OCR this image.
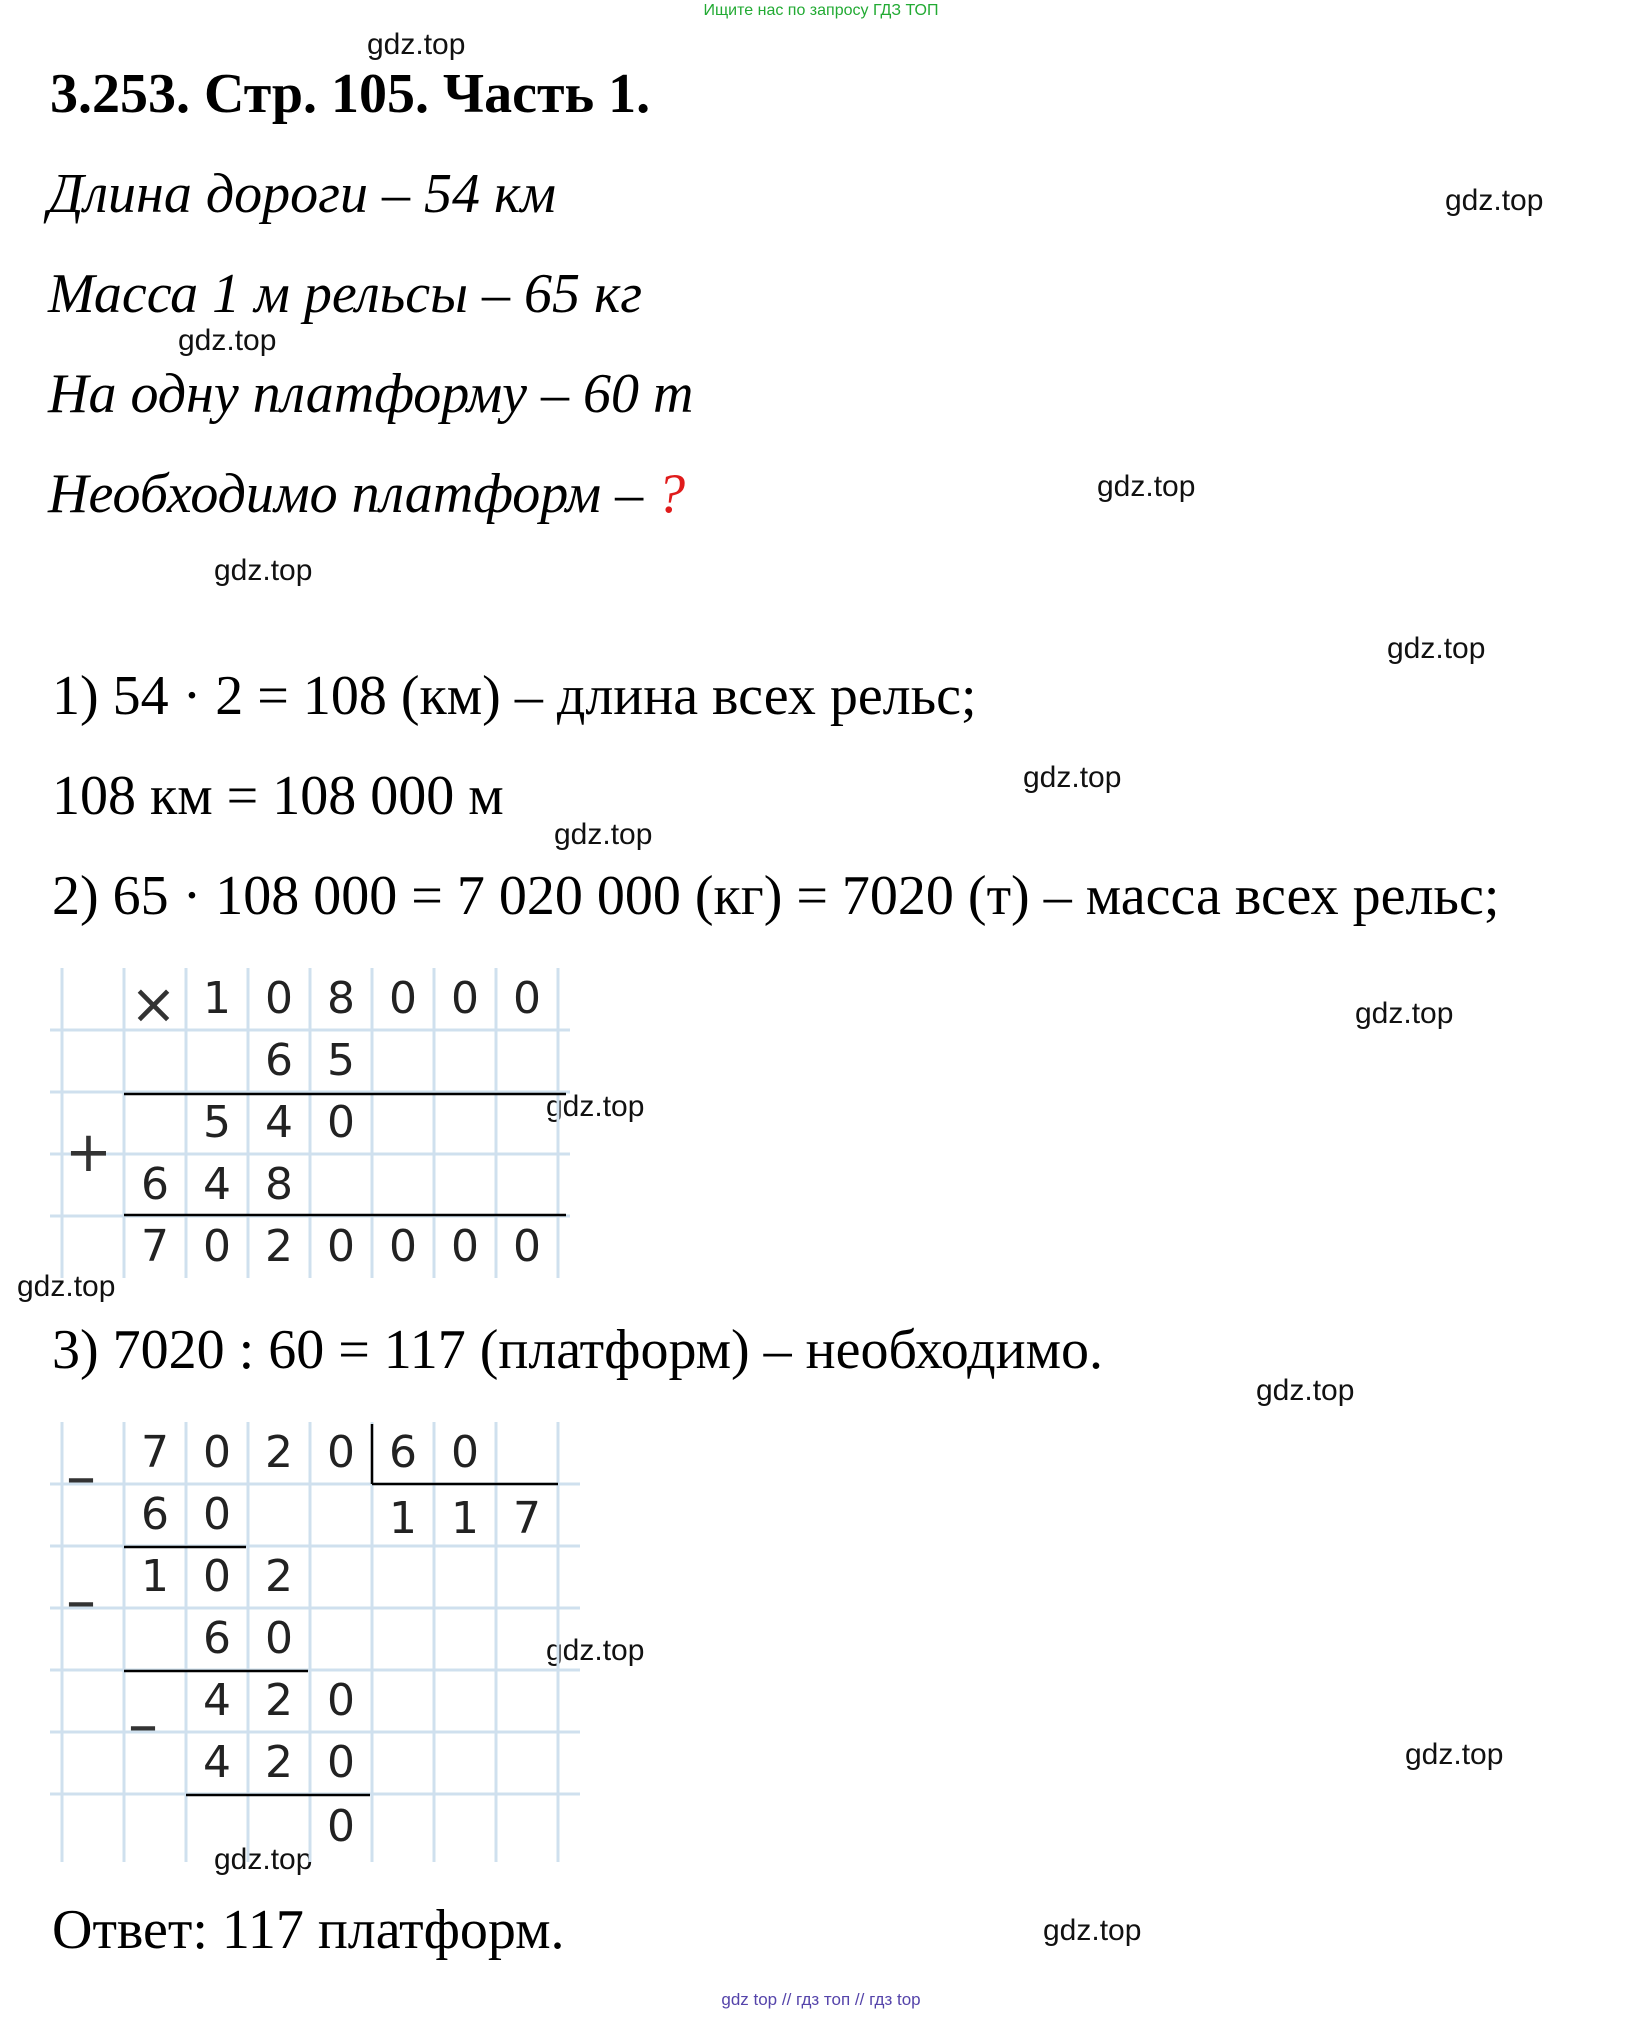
Ищите нас по запросу ГДЗ ТОП
gdz.top
gdz.top
gdz.top
gdz.top
gdz.top
gdz.top
gdz.top
gdz.top
gdz.top
gdz.top
gdz.top
gdz.top
gdz.top
gdz.top
gdz.top
gdz.top
3.253. Стр. 105. Часть 1.
Длина дороги – 54 км
Масса 1 м рельсы – 65 кг
На одну платформу – 60 т
Необходимо платформ – ?
1) 54 · 2 = 108 (км) – длина всех рельс;
108 км = 108 000 м
2) 65 · 108 000 = 7 020 000 (кг) = 7020 (т) – масса всех рельс;
×
+
1 0 8 0 0 0
6 5
5 4 0
6 4 8
7 0 2 0 0 0 0
3) 7020 : 60 = 117 (платформ) – необходимо.
–
–
–
7 0 2 0 6 0
6 0	1 1 7
1 0 2
6 0
4 2 0
4 2 0
0
Ответ: 117 платформ.
gdz top // гдз топ // гдз top
